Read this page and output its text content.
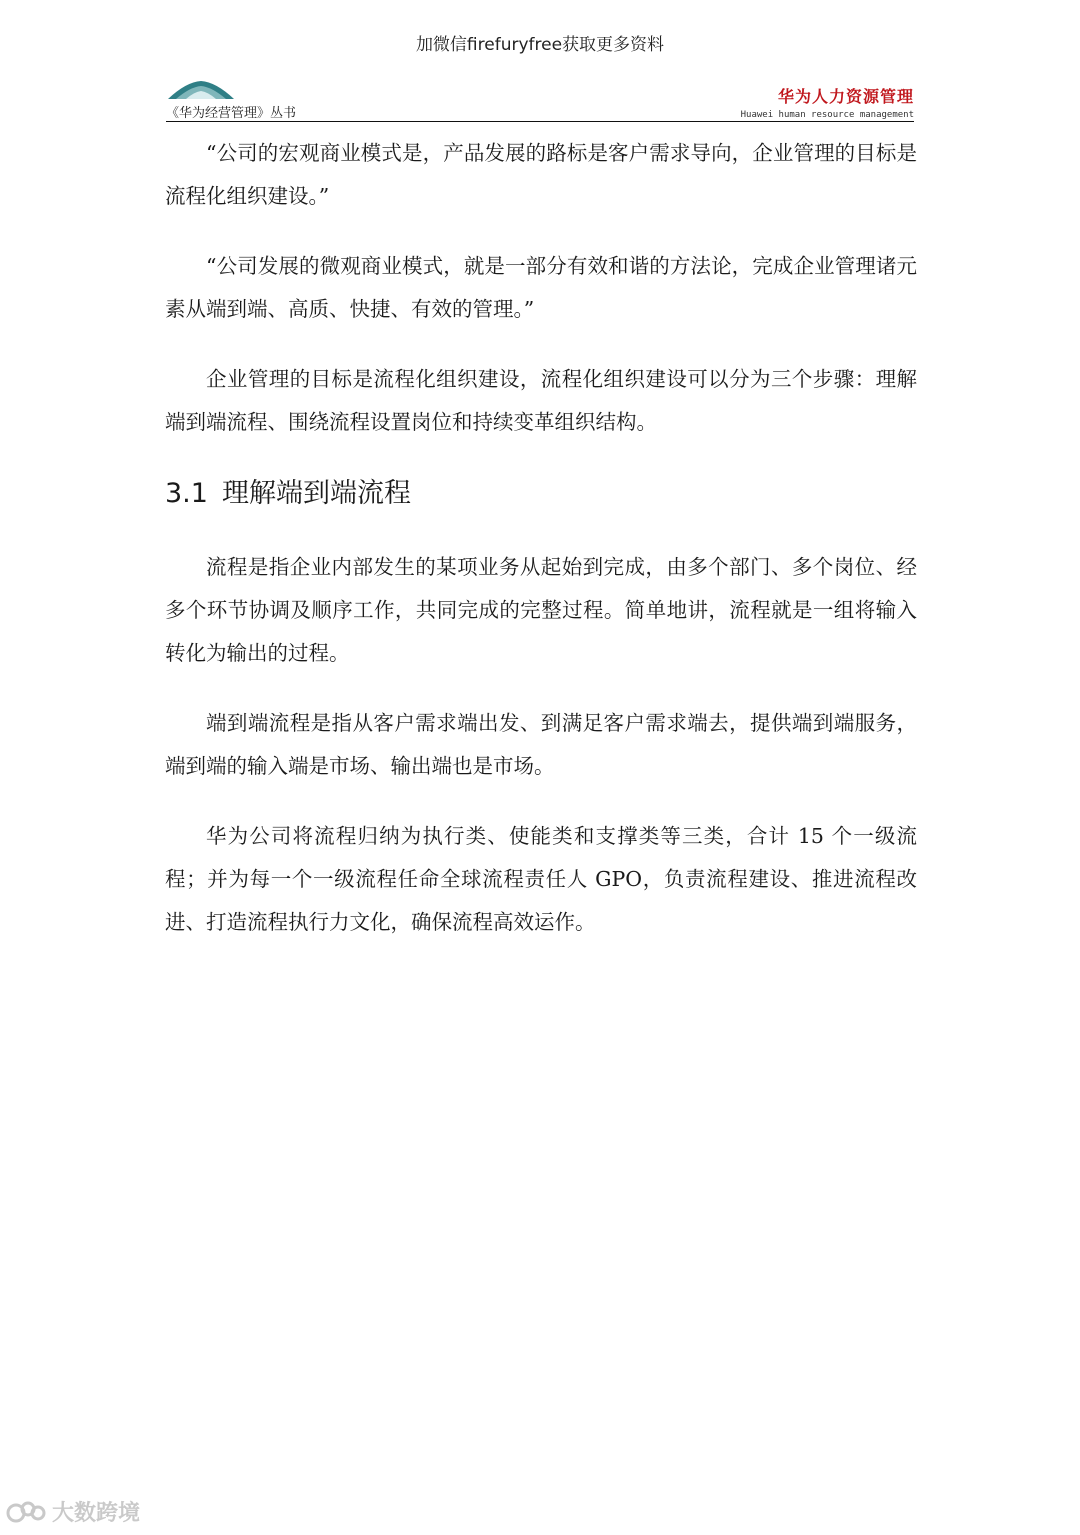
加微信firefuryfree获取更多资料
《华为经营管理》丛书
华为人力资源管理
Huawei human resource management

“公司的宏观商业模式是，产品发展的路标是客户需求导向，企业管理的目标是流程化组织建设。”

“公司发展的微观商业模式，就是一部分有效和谐的方法论，完成企业管理诸元素从端到端、高质、快捷、有效的管理。”

企业管理的目标是流程化组织建设，流程化组织建设可以分为三个步骤：理解端到端流程、围绕流程设置岗位和持续变革组织结构。

3.1 理解端到端流程

流程是指企业内部发生的某项业务从起始到完成，由多个部门、多个岗位、经多个环节协调及顺序工作，共同完成的完整过程。简单地讲，流程就是一组将输入转化为输出的过程。

端到端流程是指从客户需求端出发、到满足客户需求端去，提供端到端服务，端到端的输入端是市场、输出端也是市场。

华为公司将流程归纳为执行类、使能类和支撑类等三类，合计 15 个一级流程；并为每一个一级流程任命全球流程责任人 GPO，负责流程建设、推进流程改进、打造流程执行力文化，确保流程高效运作。

大数跨境
